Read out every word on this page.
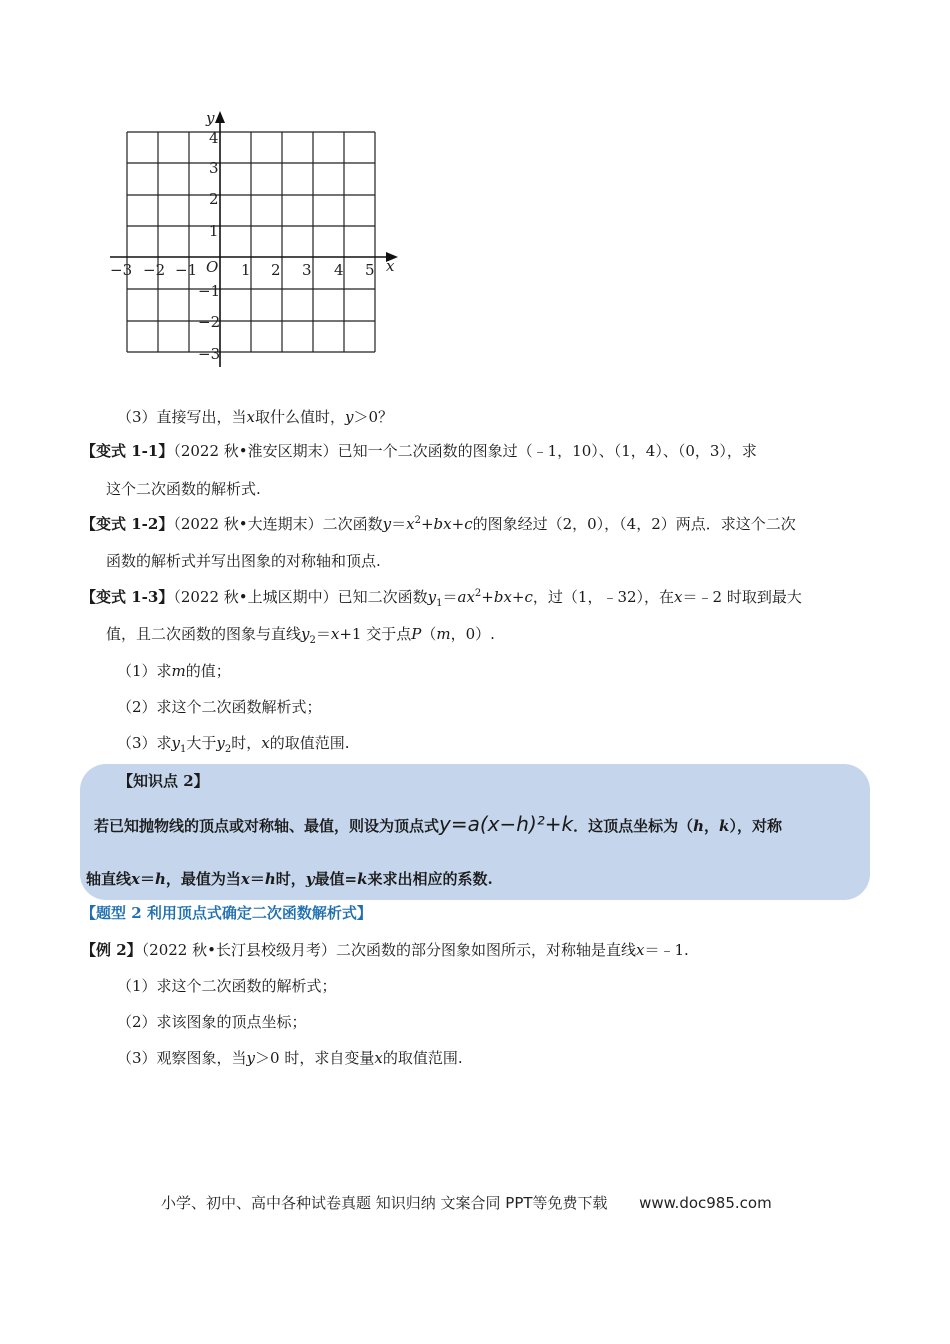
x
y
O
−3 −2 −1	1 2 3 4 5
4
3
2
1
−1
−2
−3
（3）直接写出，当x取什么值时，y＞0？
【变式 1-1】（2022 秋•淮安区期末）已知一个二次函数的图象过（﹣1，10）、（1，4）、（0，3），求
这个二次函数的解析式.
【变式 1-2】（2022 秋•大连期末）二次函数$y=x^2+bx+c$的图象经过（2，0），（4，2）两点．求这个二次
函数的解析式并写出图象的对称轴和顶点.
【变式 1-3】（2022 秋•上城区期中）已知二次函数$y_1=ax^2+bx+c$，过（1，﹣32），在x＝﹣2 时取到最大
值，且二次函数的图象与直线$y_2=x+1$ 交于点P（m，0）.
（1）求m的值；
（2）求这个二次函数解析式；
（3）求$y_1$大于$y_2$时，x的取值范围.
【知识点 2】
若已知抛物线的顶点或对称轴、最值，则设为顶点式y=a(x−h)²+k．这顶点坐标为（h，k），对称
轴直线x＝h，最值为当x＝h时，y最值=k来求出相应的系数.
【题型 2 利用顶点式确定二次函数解析式】
【例 2】（2022 秋•长汀县校级月考）二次函数的部分图象如图所示，对称轴是直线x＝﹣1.
（1）求这个二次函数的解析式；
（2）求该图象的顶点坐标；
（3）观察图象，当y＞0 时，求自变量x的取值范围.
小学、初中、高中各种试卷真题 知识归纳 文案合同 PPT等免费下载 www.doc985.com
